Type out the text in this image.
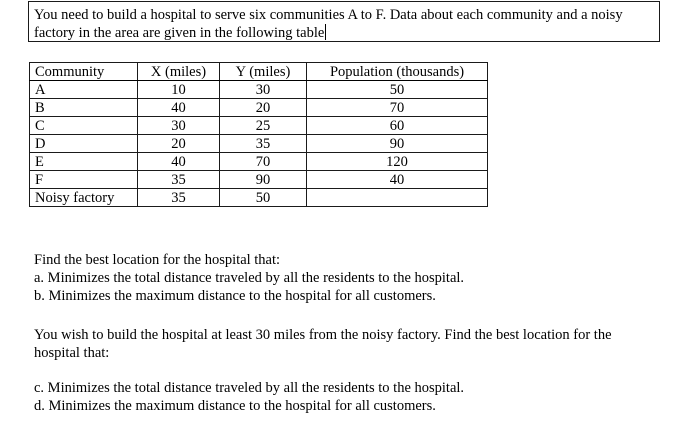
You need to build a hospital to serve six communities A to F. Data about each community and a noisy factory in the area are given in the following table

Community	X (miles)	Y (miles)	Population (thousands)
A	10	30	50
B	40	20	70
C	30	25	60
D	20	35	90
E	40	70	120
F	35	90	40
Noisy factory	35	50	

Find the best location for the hospital that:

a. Minimizes the total distance traveled by all the residents to the hospital.

b. Minimizes the maximum distance to the hospital for all customers.

You wish to build the hospital at least 30 miles from the noisy factory. Find the best location for the hospital that:

c. Minimizes the total distance traveled by all the residents to the hospital.

d. Minimizes the maximum distance to the hospital for all customers.
